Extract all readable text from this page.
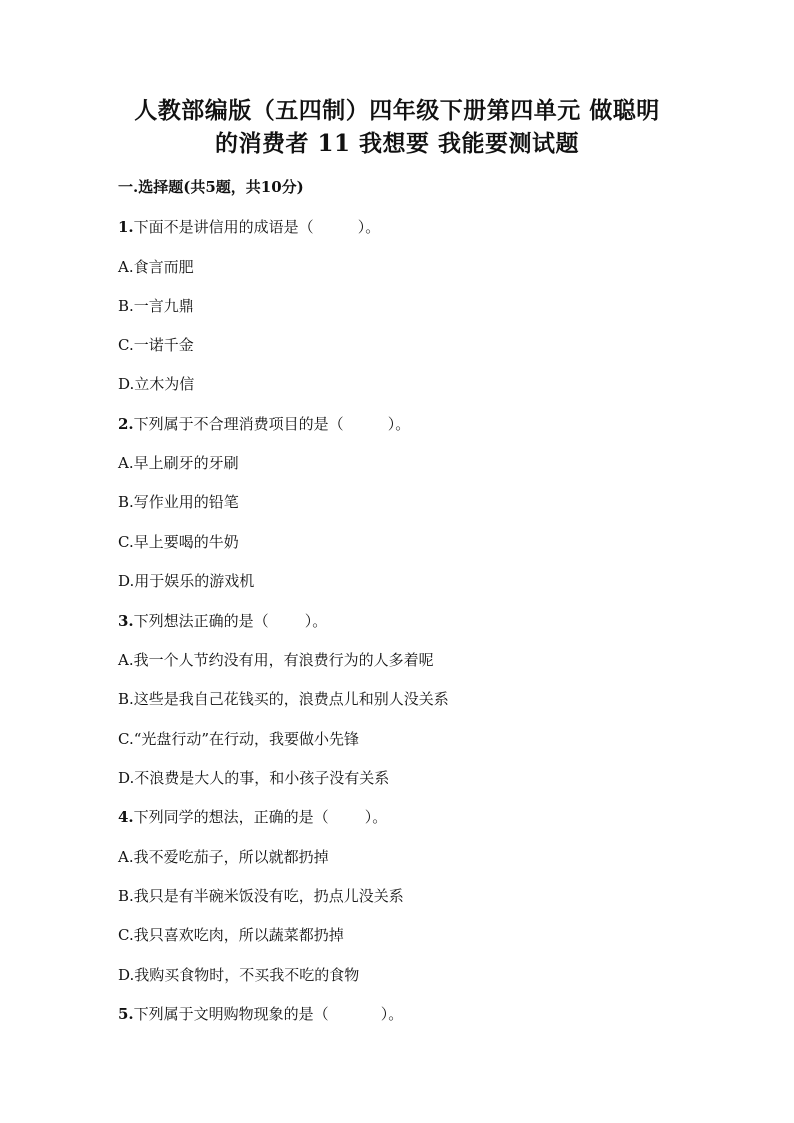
人教部编版（五四制）四年级下册第四单元 做聪明
的消费者 11 我想要 我能要测试题
一.选择题(共5题，共10分)
1.下面不是讲信用的成语是（	）。
A.食言而肥
B.一言九鼎
C.一诺千金
D.立木为信
2.下列属于不合理消费项目的是（	）。
A.早上刷牙的牙刷
B.写作业用的铅笔
C.早上要喝的牛奶
D.用于娱乐的游戏机
3.下列想法正确的是（ ）。
A.我一个人节约没有用，有浪费行为的人多着呢
B.这些是我自己花钱买的，浪费点儿和别人没关系
C.“光盘行动”在行动，我要做小先锋
D.不浪费是大人的事，和小孩子没有关系
4.下列同学的想法，正确的是（ ）。
A.我不爱吃茄子，所以就都扔掉
B.我只是有半碗米饭没有吃，扔点儿没关系
C.我只喜欢吃肉，所以蔬菜都扔掉
D.我购买食物时，不买我不吃的食物
5.下列属于文明购物现象的是（	）。
